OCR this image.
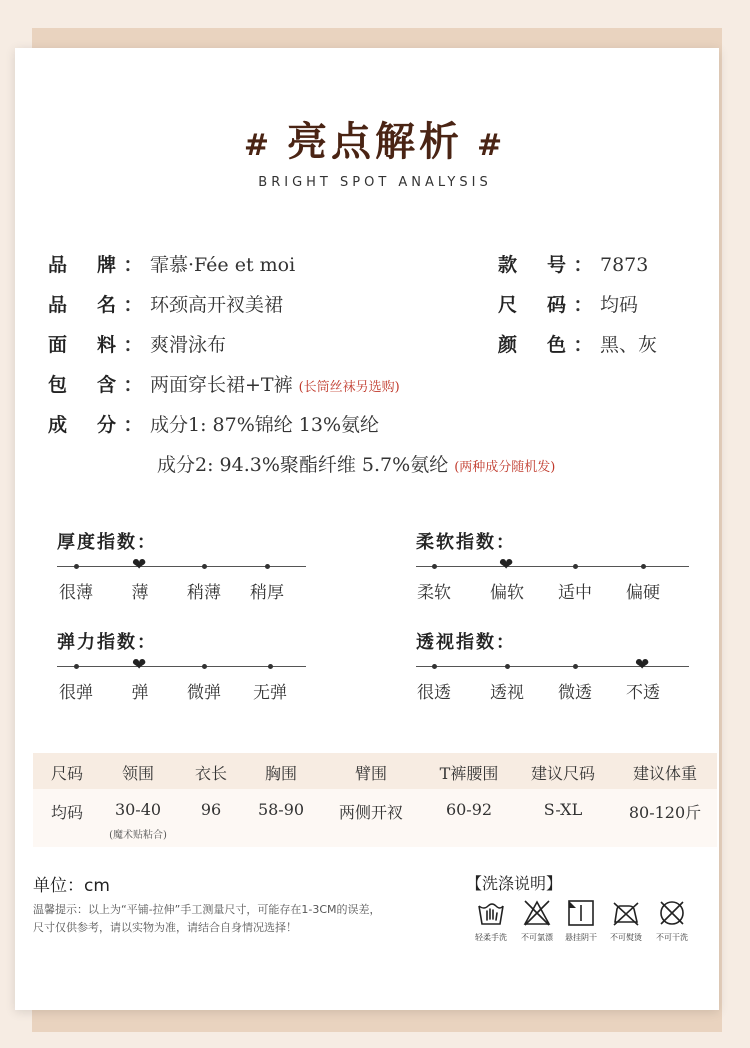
# 亮点解析 #
BRIGHT SPOT ANALYSIS
品牌 ： 霏慕·Fée et moi	款号 ： 7873
品名 ： 环颈高开衩美裙	尺码 ： 均码
面料 ： 爽滑泳布	颜色 ： 黑、灰
包含 ： 两面穿长裙+T裤 (长筒丝袜另选购)
成分 ： 成分1: 87%锦纶 13%氨纶
成分2: 94.3%聚酯纤维 5.7%氨纶 (两种成分随机发)
厚度指数：
很薄
❤
薄	稍薄	稍厚
柔软指数：
柔软
❤
偏软	适中	偏硬
弹力指数：
很弹
❤
弹	微弹	无弹
透视指数：
很透	透视	微透
❤
不透
尺码	领围	衣长	胸围	臂围	T裤腰围	建议尺码	建议体重
均码	30-40	96	58-90	两侧开衩	60-92	S-XL	80-120斤
(魔术贴粘合)
单位：cm
温馨提示：以上为“平铺-拉伸”手工测量尺寸，可能存在1-3CM的误差，
尺寸仅供参考，请以实物为准，请结合自身情况选择！
【洗涤说明】
轻柔手洗	不可氯漂	悬挂阴干	不可熨烫	不可干洗
